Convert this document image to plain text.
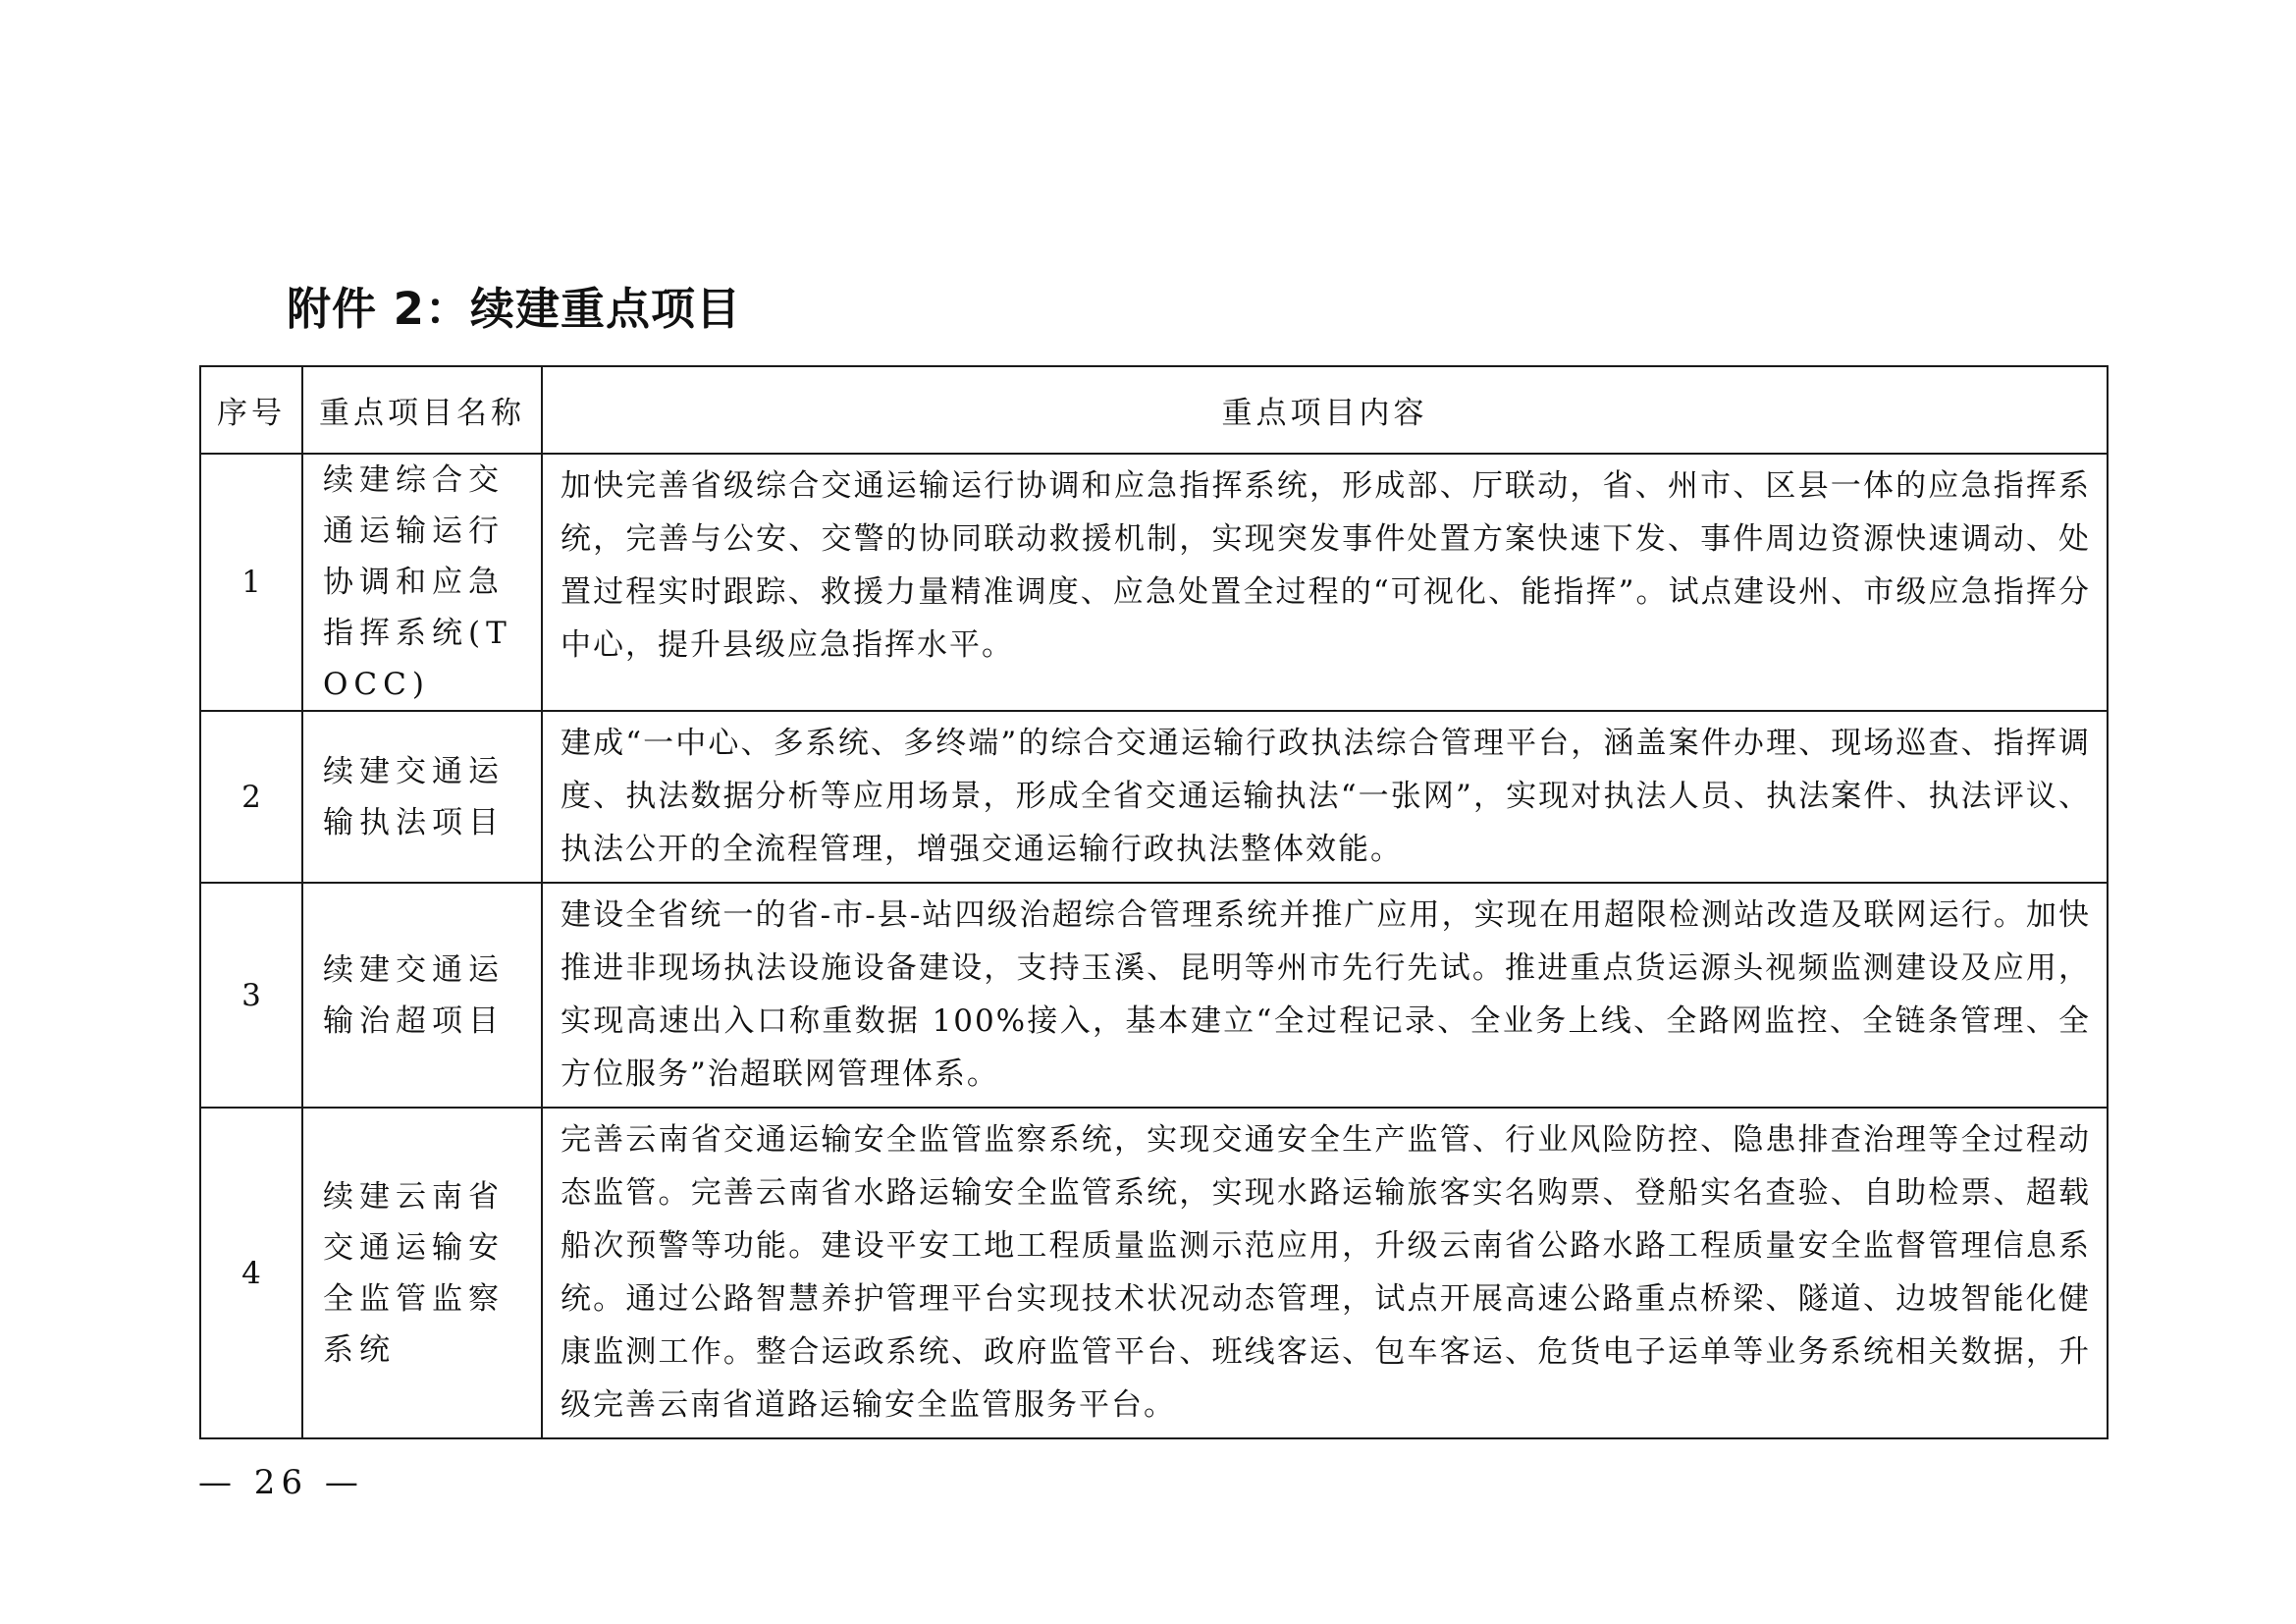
附件 2：续建重点项目
序号	重点项目名称	重点项目内容
1	续建综合交通运输运行协调和应急指挥系统(TOCC)	加快完善省级综合交通运输运行协调和应急指挥系统，形成部、厅联动，省、州市、区县一体的应急指挥系统，完善与公安、交警的协同联动救援机制，实现突发事件处置方案快速下发、事件周边资源快速调动、处置过程实时跟踪、救援力量精准调度、应急处置全过程的“可视化、能指挥”。试点建设州、市级应急指挥分中心，提升县级应急指挥水平。
2	续建交通运输执法项目	建成“一中心、多系统、多终端”的综合交通运输行政执法综合管理平台，涵盖案件办理、现场巡查、指挥调度、执法数据分析等应用场景，形成全省交通运输执法“一张网”，实现对执法人员、执法案件、执法评议、执法公开的全流程管理，增强交通运输行政执法整体效能。
3	续建交通运输治超项目	建设全省统一的省-市-县-站四级治超综合管理系统并推广应用，实现在用超限检测站改造及联网运行。加快推进非现场执法设施设备建设，支持玉溪、昆明等州市先行先试。推进重点货运源头视频监测建设及应用，实现高速出入口称重数据 100%接入，基本建立“全过程记录、全业务上线、全路网监控、全链条管理、全方位服务”治超联网管理体系。
4	续建云南省交通运输安全监管监察系统	完善云南省交通运输安全监管监察系统，实现交通安全生产监管、行业风险防控、隐患排查治理等全过程动态监管。完善云南省水路运输安全监管系统，实现水路运输旅客实名购票、登船实名查验、自助检票、超载船次预警等功能。建设平安工地工程质量监测示范应用，升级云南省公路水路工程质量安全监督管理信息系统。通过公路智慧养护管理平台实现技术状况动态管理，试点开展高速公路重点桥梁、隧道、边坡智能化健康监测工作。整合运政系统、政府监管平台、班线客运、包车客运、危货电子运单等业务系统相关数据，升级完善云南省道路运输安全监管服务平台。
— 26 —
